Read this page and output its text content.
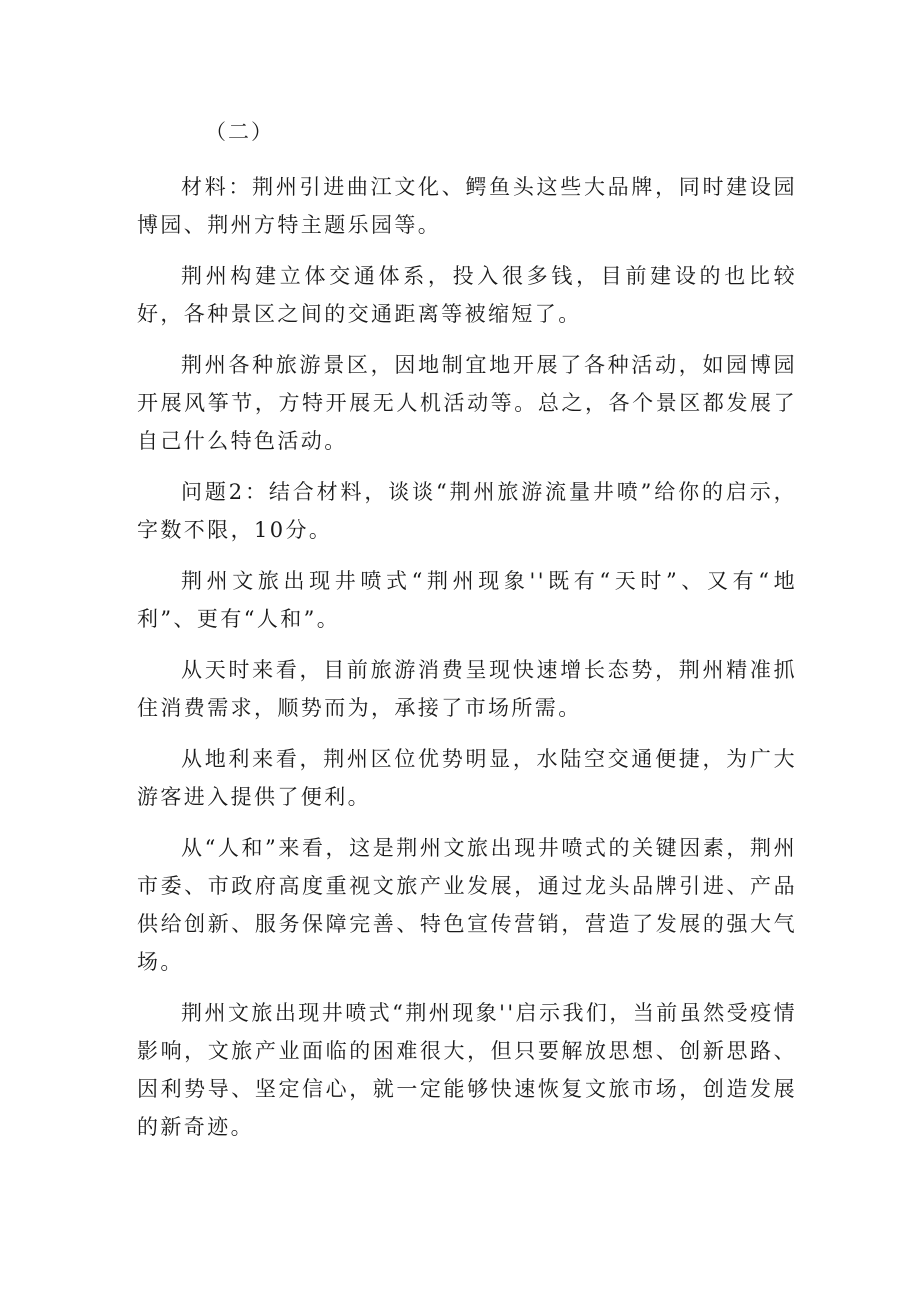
（二）

材料：荆州引进曲江文化、鳄鱼头这些大品牌，同时建设园博园、荆州方特主题乐园等。

荆州构建立体交通体系，投入很多钱，目前建设的也比较好，各种景区之间的交通距离等被缩短了。

荆州各种旅游景区，因地制宜地开展了各种活动，如园博园开展风筝节，方特开展无人机活动等。总之，各个景区都发展了自己什么特色活动。

问题2：结合材料，谈谈“荆州旅游流量井喷”给你的启示，字数不限，10分。

荆州文旅出现井喷式“荆州现象''既有“天时”、又有“地利”、更有“人和”。

从天时来看，目前旅游消费呈现快速增长态势，荆州精准抓住消费需求，顺势而为，承接了市场所需。

从地利来看，荆州区位优势明显，水陆空交通便捷，为广大游客进入提供了便利。

从“人和”来看，这是荆州文旅出现井喷式的关键因素，荆州市委、市政府高度重视文旅产业发展，通过龙头品牌引进、产品供给创新、服务保障完善、特色宣传营销，营造了发展的强大气场。

荆州文旅出现井喷式“荆州现象''启示我们，当前虽然受疫情影响，文旅产业面临的困难很大，但只要解放思想、创新思路、因利势导、坚定信心，就一定能够快速恢复文旅市场，创造发展的新奇迹。
